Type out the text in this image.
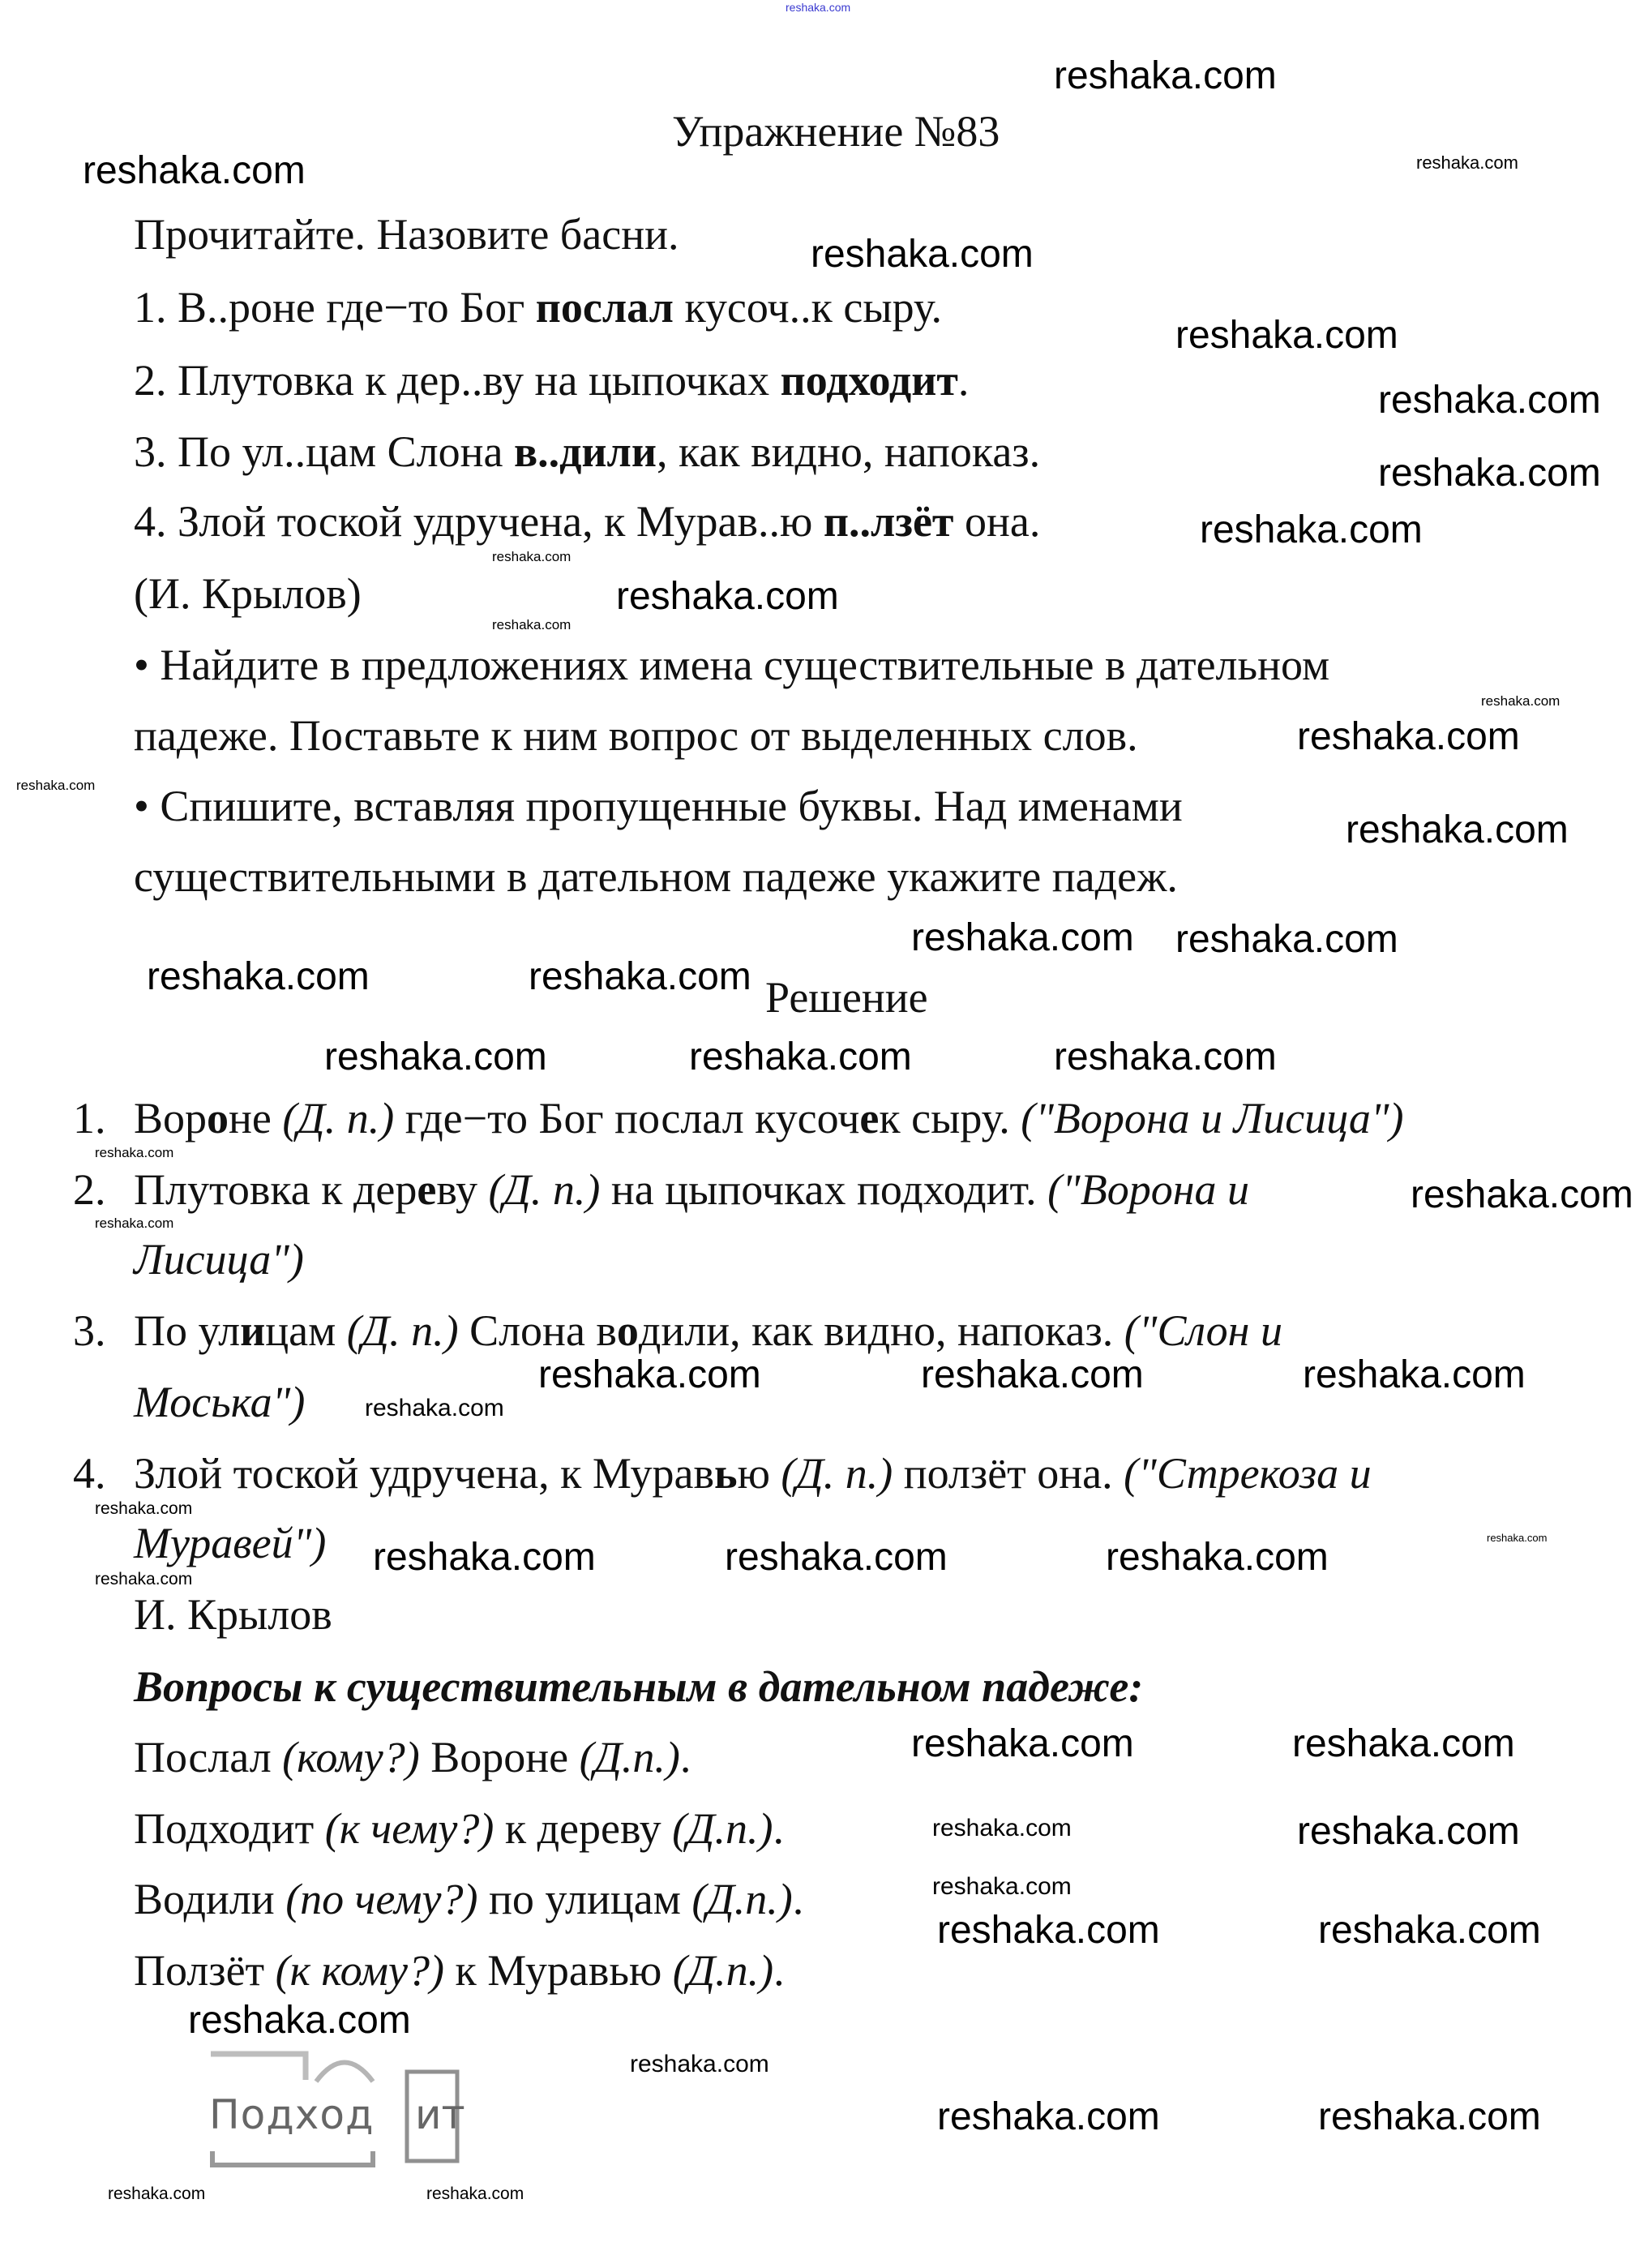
reshaka.com
Упражнение №83
Прочитайте. Назовите басни.
1. В..роне где−то Бог послал кусоч..к сыру.
2. Плутовка к дер..ву на цыпочках подходит.
3. По ул..цам Слона в..дили, как видно, напоказ.
4. Злой тоской удручена, к Мурав..ю п..лзёт она.
(И. Крылов)
• Найдите в предложениях имена существительные в дательном
падеже. Поставьте к ним вопрос от выделенных слов.
• Спишите, вставляя пропущенные буквы. Над именами
существительными в дательном падеже укажите падеж.
Решение
1. Вороне (Д. п.) где−то Бог послал кусочек сыру. ("Ворона и Лисица")
2. Плутовка к дереву (Д. п.) на цыпочках подходит. ("Ворона и
Лисица")
3. По улицам (Д. п.) Слона водили, как видно, напоказ. ("Слон и
Моська")
4. Злой тоской удручена, к Муравью (Д. п.) ползёт она. ("Стрекоза и
Муравей")
И. Крылов
Вопросы к существительным в дательном падеже:
Послал (кому?) Вороне (Д.п.).
Подходит (к чему?) к дереву (Д.п.).
Водили (по чему?) по улицам (Д.п.).
Ползёт (к кому?) к Муравью (Д.п.).
Подход ит
reshaka.com
reshaka.com
reshaka.com
reshaka.com
reshaka.com
reshaka.com
reshaka.com
reshaka.com
reshaka.com
reshaka.com
reshaka.com
reshaka.com
reshaka.com
reshaka.com	reshaka.com
reshaka.com	reshaka.com
reshaka.com
reshaka.com	reshaka.com	reshaka.com
reshaka.com	reshaka.com	reshaka.com
reshaka.com	reshaka.com
reshaka.com
reshaka.com	reshaka.com
reshaka.com
reshaka.com	reshaka.com
reshaka.com
reshaka.com
reshaka.com
reshaka.com
reshaka.com
reshaka.com
reshaka.com
reshaka.com
reshaka.com
reshaka.com
reshaka.com
reshaka.com
reshaka.com
reshaka.com
reshaka.com	reshaka.com
